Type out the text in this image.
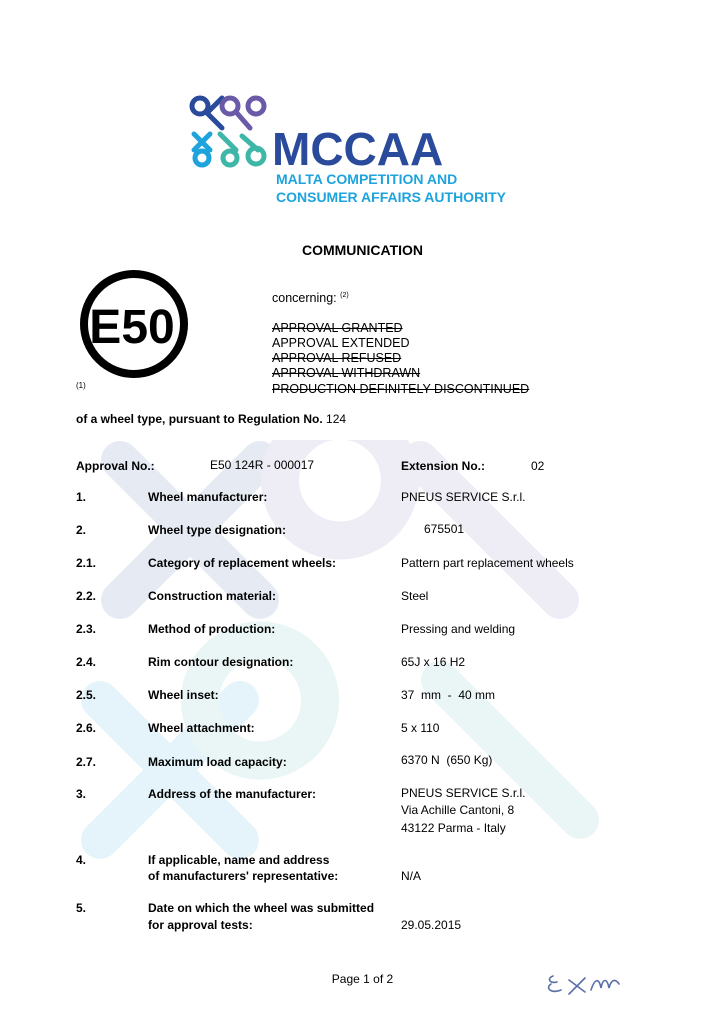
MCCAA
MALTA COMPETITION AND
CONSUMER AFFAIRS AUTHORITY
COMMUNICATION
E50
(1)
concerning: $^{(2)}$
APPROVAL GRANTED
APPROVAL EXTENDED
APPROVAL REFUSED
APPROVAL WITHDRAWN
PRODUCTION DEFINITELY DISCONTINUED
of a wheel type, pursuant to Regulation No. 124
Approval No.:	E50 124R - 000017	Extension No.:	02
1.	Wheel manufacturer:	PNEUS SERVICE S.r.l.
2.	Wheel type designation:	675501
2.1.	Category of replacement wheels:	Pattern part replacement wheels
2.2.	Construction material:	Steel
2.3.	Method of production:	Pressing and welding
2.4.	Rim contour designation:	65J x 16 H2
2.5.	Wheel inset:	37  mm  -  40 mm
2.6.	Wheel attachment:	5 x 110
2.7.	Maximum load capacity:	6370 N  (650 Kg)
3.	Address of the manufacturer:	PNEUS SERVICE S.r.l.
Via Achille Cantoni, 8
43122 Parma - Italy
4.	If applicable, name and address
of manufacturers' representative:	N/A
5.	Date on which the wheel was submitted
for approval tests:	29.05.2015
Page 1 of 2
